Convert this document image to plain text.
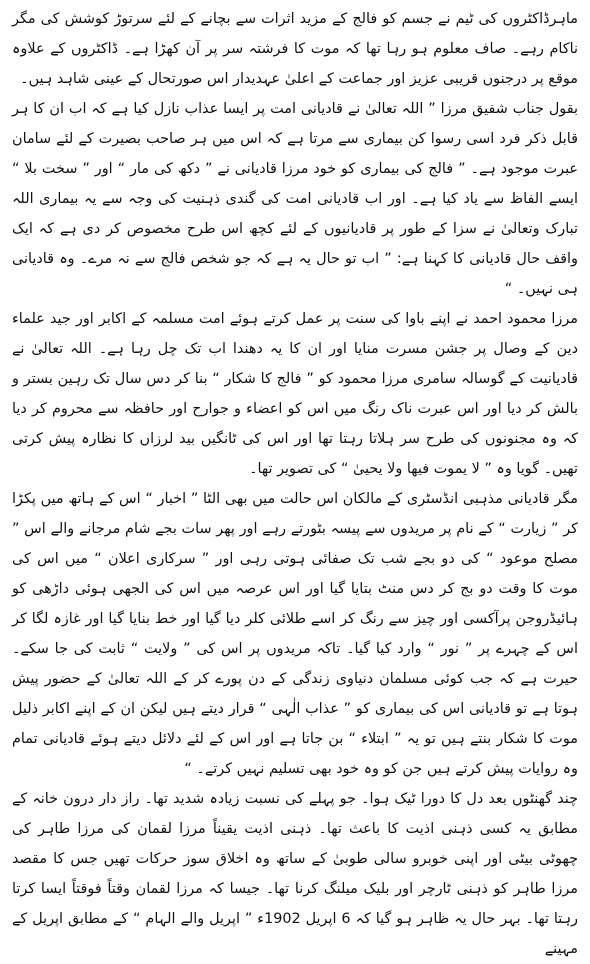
ماہرڈاکٹروں کی ٹیم نے جسم کو فالج کے مزید اثرات سے بچانے کے لئے سرتوڑ کوشش کی مگر ناکام رہے۔ صاف معلوم ہو رہا تھا کہ موت کا فرشتہ سر پر آن کھڑا ہے۔ ڈاکٹروں کے علاوہ موقع پر درجنوں قریبی عزیز اور جماعت کے اعلیٰ عہدیدار اس صورتحال کے عینی شاہد ہیں۔

بقول جناب شفیق مرزا ” اللہ تعالیٰ نے قادیانی امت پر ایسا عذاب نازل کیا ہے کہ اب ان کا ہر قابل ذکر فرد اسی رسوا کن بیماری سے مرتا ہے کہ اس میں ہر صاحب بصیرت کے لئے سامان عبرت موجود ہے۔ ” فالج کی بیماری کو خود مرزا قادیانی نے ” دکھ کی مار “ اور ” سخت بلا “ ایسے الفاظ سے یاد کیا ہے۔ اور اب قادیانی امت کی گندی ذہنیت کی وجہ سے یہ بیماری اللہ تبارک وتعالیٰ نے سزا کے طور پر قادیانیوں کے لئے کچھ اس طرح مخصوص کر دی ہے کہ ایک واقف حال قادیانی کا کہنا ہے: ” اب تو حال یہ ہے کہ جو شخص فالج سے نہ مرے۔ وہ قادیانی ہی نہیں۔ “

مرزا محمود احمد نے اپنے باوا کی سنت پر عمل کرتے ہوئے امت مسلمہ کے اکابر اور جید علماء دین کے وصال پر جشن مسرت منایا اور ان کا یہ دھندا اب تک چل رہا ہے۔ اللہ تعالیٰ نے قادیانیت کے گوسالہ سامری مرزا محمود کو ” فالج کا شکار “ بنا کر دس سال تک رہین بستر و بالش کر دیا اور اس عبرت ناک رنگ میں اس کو اعضاء و جوارح اور حافظہ سے محروم کر دیا کہ وہ مجنونوں کی طرح سر ہلاتا رہتا تھا اور اس کی ٹانگیں بید لرزاں کا نظارہ پیش کرتی تھیں۔ گویا وہ ” لا یموت فیھا ولا یحییٰ “ کی تصویر تھا۔

مگر قادیانی مذہبی انڈسٹری کے مالکان اس حالت میں بھی الٹا ” اخبار “ اس کے ہاتھ میں پکڑا کر ” زیارت “ کے نام پر مریدوں سے پیسہ بٹورتے رہے اور پھر سات بجے شام مرجانے والے اس ” مصلح موعود “ کی دو بجے شب تک صفائی ہوتی رہی اور ” سرکاری اعلان “ میں اس کی موت کا وقت دو بج کر دس منٹ بتایا گیا اور اس عرصہ میں اس کی الجھی ہوئی داڑھی کو ہائیڈروجن پرآکسی اور چیز سے رنگ کر اسے طلائی کلر دیا گیا اور خط بنایا گیا اور غازہ لگا کر اس کے چہرے پر ” نور “ وارد کیا گیا۔ تاکہ مریدوں پر اس کی ” ولایت “ ثابت کی جا سکے۔ حیرت ہے کہ جب کوئی مسلمان دنیاوی زندگی کے دن پورے کر کے اللہ تعالیٰ کے حضور پیش ہوتا ہے تو قادیانی اس کی بیماری کو ” عذاب الٰہی “ قرار دیتے ہیں لیکن ان کے اپنے اکابر ذلیل موت کا شکار بنتے ہیں تو یہ ” ابتلاء “ بن جاتا ہے اور اس کے لئے دلائل دیتے ہوئے قادیانی تمام وہ روایات پیش کرتے ہیں جن کو وہ خود بھی تسلیم نہیں کرتے۔ “

چند گھنٹوں بعد دل کا دورا ٹیک ہوا۔ جو پہلے کی نسبت زیادہ شدید تھا۔ راز دار درون خانہ کے مطابق یہ کسی ذہنی اذیت کا باعث تھا۔ ذہنی اذیت یقیناً مرزا لقمان کی مرزا طاہر کی چھوٹی بیٹی اور اپنی خوبرو سالی طوبیٰ کے ساتھ وہ اخلاق سوز حرکات تھیں جس کا مقصد مرزا طاہر کو ذہنی ٹارچر اور بلیک میلنگ کرنا تھا۔ جیسا کہ مرزا لقمان وقتاً فوقتاً ایسا کرتا رہتا تھا۔ بہر حال یہ ظاہر ہو گیا کہ 6 اپریل 1902ء ” اپریل والے الہام “ کے مطابق اپریل کے مہینے
